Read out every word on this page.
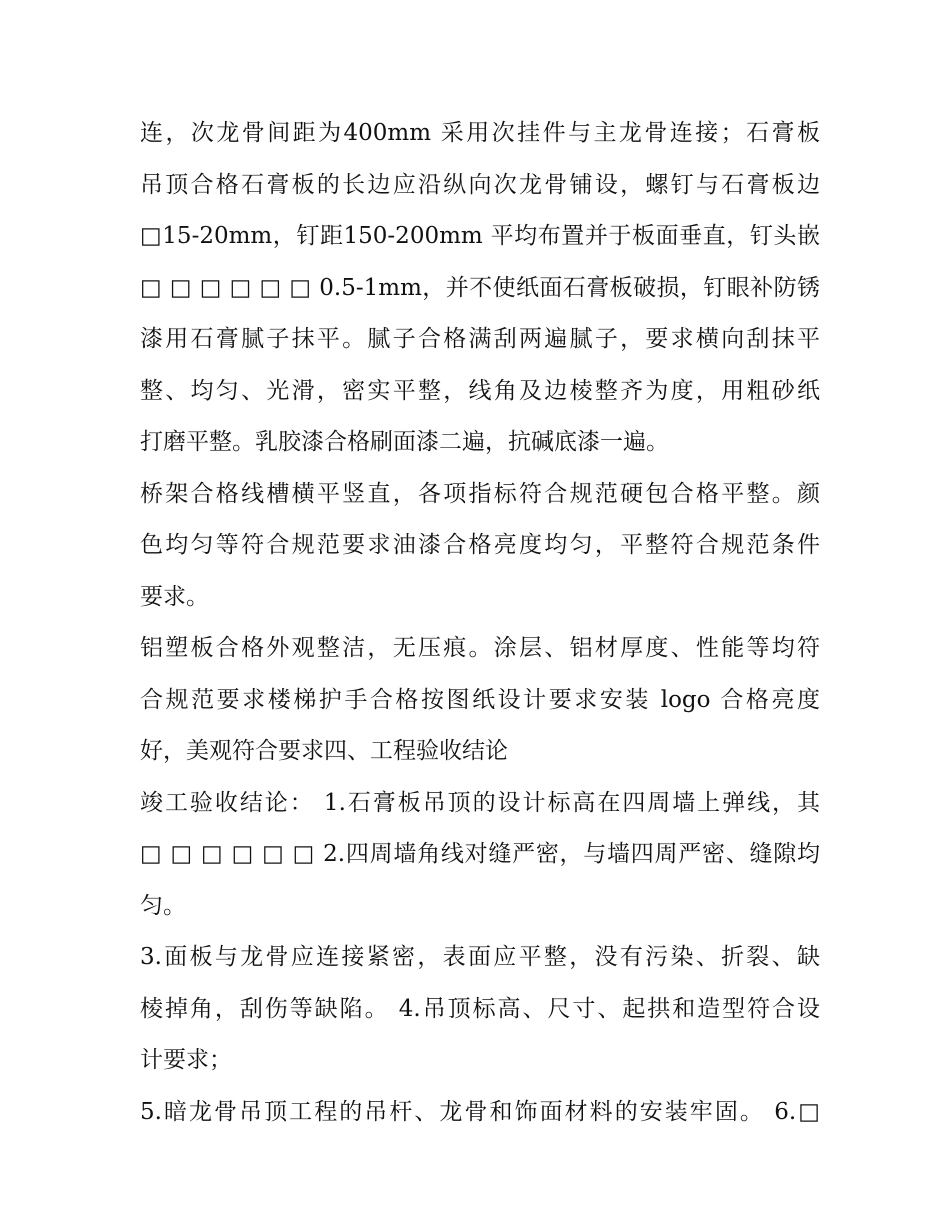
连，次龙骨间距为400mm 采用次挂件与主龙骨连接；石膏板
吊顶合格石膏板的长边应沿纵向次龙骨铺设，螺钉与石膏板边
□15-20mm，钉距150-200mm 平均布置并于板面垂直，钉头嵌
□ □ □ □ □ □ 0.5-1mm，并不使纸面石膏板破损，钉眼补防锈
漆用石膏腻子抹平。腻子合格满刮两遍腻子，要求横向刮抹平
整、均匀、光滑，密实平整，线角及边棱整齐为度，用粗砂纸
打磨平整。乳胶漆合格刷面漆二遍，抗碱底漆一遍。
桥架合格线槽横平竖直，各项指标符合规范硬包合格平整。颜
色均匀等符合规范要求油漆合格亮度均匀，平整符合规范条件
要求。
铝塑板合格外观整洁，无压痕。涂层、铝材厚度、性能等均符
合规范要求楼梯护手合格按图纸设计要求安装 logo 合格亮度
好，美观符合要求四、工程验收结论
竣工验收结论： 1.石膏板吊顶的设计标高在四周墙上弹线，其
□ □ □ □ □ □ 2.四周墙角线对缝严密，与墙四周严密、缝隙均
匀。
3.面板与龙骨应连接紧密，表面应平整，没有污染、折裂、缺
棱掉角，刮伤等缺陷。 4.吊顶标高、尺寸、起拱和造型符合设
计要求；
5.暗龙骨吊顶工程的吊杆、龙骨和饰面材料的安装牢固。 6.□
